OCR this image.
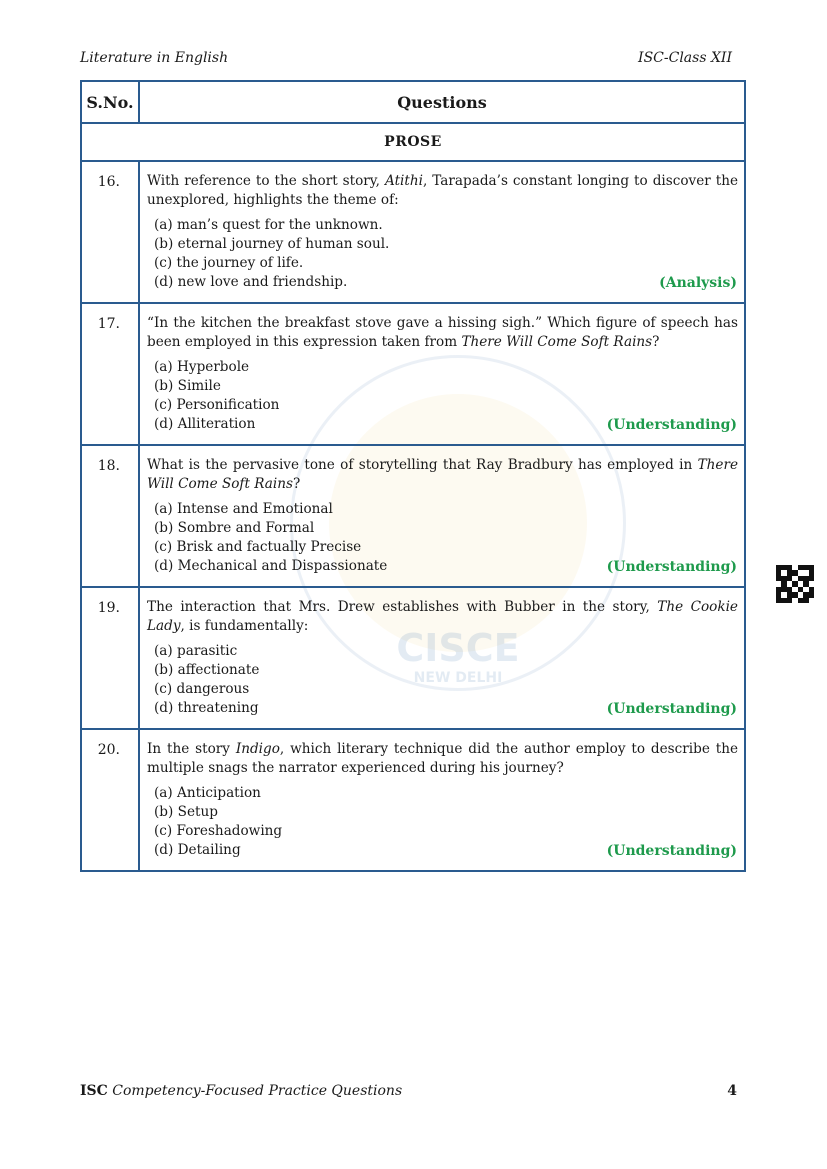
Literature in English	ISC-Class XII
CISCE
NEW DELHI
S.No.	Questions
PROSE
16.	With reference to the short story, Atithi, Tarapada’s constant longing to discover the unexplored, highlights the theme of:
(a) man’s quest for the unknown.
(b) eternal journey of human soul.
(c) the journey of life.
(d) new love and friendship.	(Analysis)
17.	“In the kitchen the breakfast stove gave a hissing sigh.” Which figure of speech has been employed in this expression taken from There Will Come Soft Rains?
(a) Hyperbole
(b) Simile
(c) Personification
(d) Alliteration	(Understanding)
18.	What is the pervasive tone of storytelling that Ray Bradbury has employed in There Will Come Soft Rains?
(a) Intense and Emotional
(b) Sombre and Formal
(c) Brisk and factually Precise
(d) Mechanical and Dispassionate	(Understanding)
19.	The interaction that Mrs. Drew establishes with Bubber in the story, The Cookie Lady, is fundamentally:
(a) parasitic
(b) affectionate
(c) dangerous
(d) threatening	(Understanding)
20.	In the story Indigo, which literary technique did the author employ to describe the multiple snags the narrator experienced during his journey?
(a) Anticipation
(b) Setup
(c) Foreshadowing
(d) Detailing	(Understanding)
ISC Competency-Focused Practice Questions	4
